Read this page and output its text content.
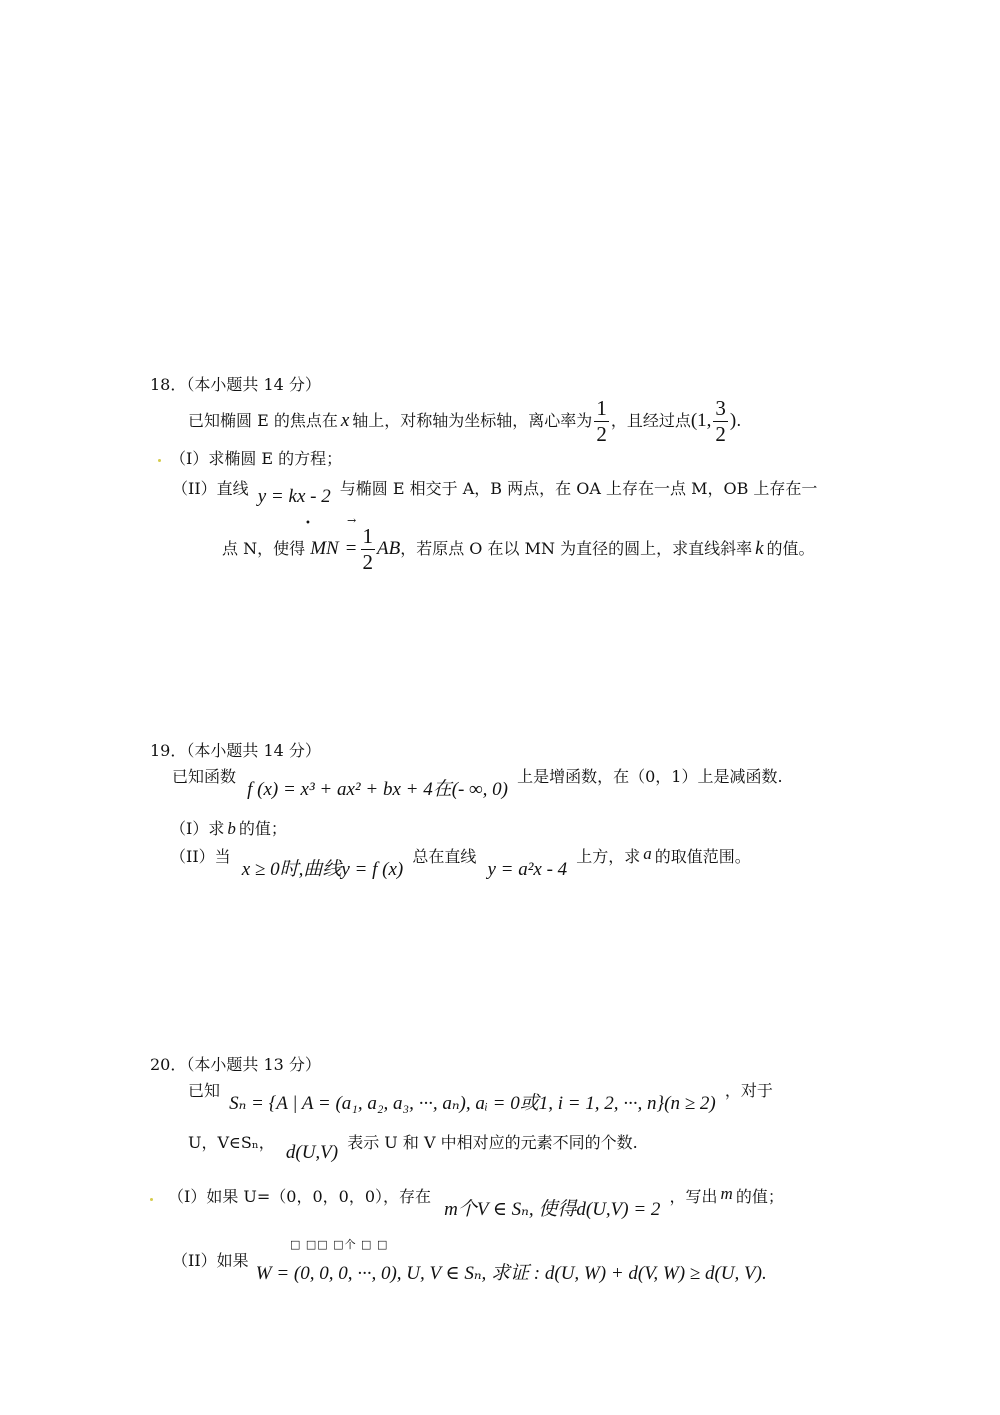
18．（本小题共 14 分）
已知椭圆 E 的焦点在 x 轴上，对称轴为坐标轴，离心率为 $\frac{1}{2}$ ，且经过点(1, $\frac{3}{2}$ ).
（I）求椭圆 E 的方程；
（II）直线 y = kx - 2 与椭圆 E 相交于 A，B 两点，在 OA 上存在一点 M，OB 上存在一
点 N，使得 MN = $\frac{1}{2}$ AB，若原点 O 在以 MN 为直径的圆上，求直线斜率 k 的值。
•	→
19．（本小题共 14 分）
已知函数 f (x) = x³ + ax² + bx + 4在(- ∞, 0) 上是增函数，在（0，1）上是减函数.
（I）求 b 的值；
（II）当 x ≥ 0时,曲线y = f (x) 总在直线 y = a²x - 4 上方，求 a 的取值范围。
20．（本小题共 13 分）
已知 Sₙ = {A | A = (a₁, a₂, a₃, ···, aₙ), aᵢ = 0或1, i = 1, 2, ···, n}(n ≥ 2) ，对于
U，V∈Sₙ， d(U,V) 表示 U 和 V 中相对应的元素不同的个数.
（I）如果 U=（0，0，0，0），存在 m个V ∈ Sₙ, 使得d(U,V) = 2 ，写出 m 的值；
□ □□ □个 □ □
（II）如果 W = (0, 0, 0, ···, 0), U, V ∈ Sₙ, 求证 : d(U, W) + d(V, W) ≥ d(U, V).
